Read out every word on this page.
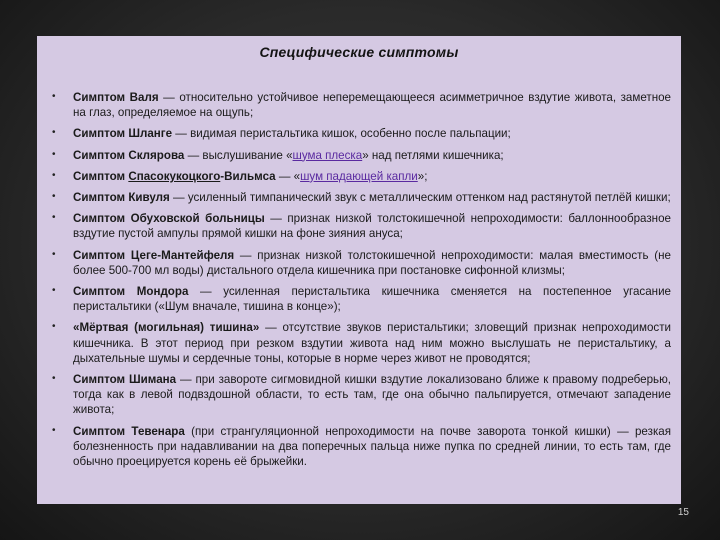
Специфические симптомы
• Симптом Валя — относительно устойчивое неперемещающееся асимметричное вздутие живота, заметное на глаз, определяемое на ощупь;
• Симптом Шланге — видимая перистальтика кишок, особенно после пальпации;
• Симптом Склярова — выслушивание «шума плеска» над петлями кишечника;
• Симптом Спасокукоцкого-Вильмса — «шум падающей капли»;
• Симптом Кивуля — усиленный тимпанический звук с металлическим оттенком над растянутой петлёй кишки;
• Симптом Обуховской больницы — признак низкой толстокишечной непроходимости: баллоннообразное вздутие пустой ампулы прямой кишки на фоне зияния ануса;
• Симптом Цеге-Мантейфеля — признак низкой толстокишечной непроходимости: малая вместимость (не более 500-700 мл воды) дистального отдела кишечника при постановке сифонной клизмы;
• Симптом Мондора — усиленная перистальтика кишечника сменяется на постепенное угасание перистальтики («Шум вначале, тишина в конце»);
• «Мёртвая (могильная) тишина» — отсутствие звуков перистальтики; зловещий признак непроходимости кишечника. В этот период при резком вздутии живота над ним можно выслушать не перистальтику, а дыхательные шумы и сердечные тоны, которые в норме через живот не проводятся;
• Симптом Шимана — при завороте сигмовидной кишки вздутие локализовано ближе к правому подреберью, тогда как в левой подвздошной области, то есть там, где она обычно пальпируется, отмечают западение живота;
• Симптом Тевенара (при странгуляционной непроходимости на почве заворота тонкой кишки) — резкая болезненность при надавливании на два поперечных пальца ниже пупка по средней линии, то есть там, где обычно проецируется корень её брыжейки.
15
